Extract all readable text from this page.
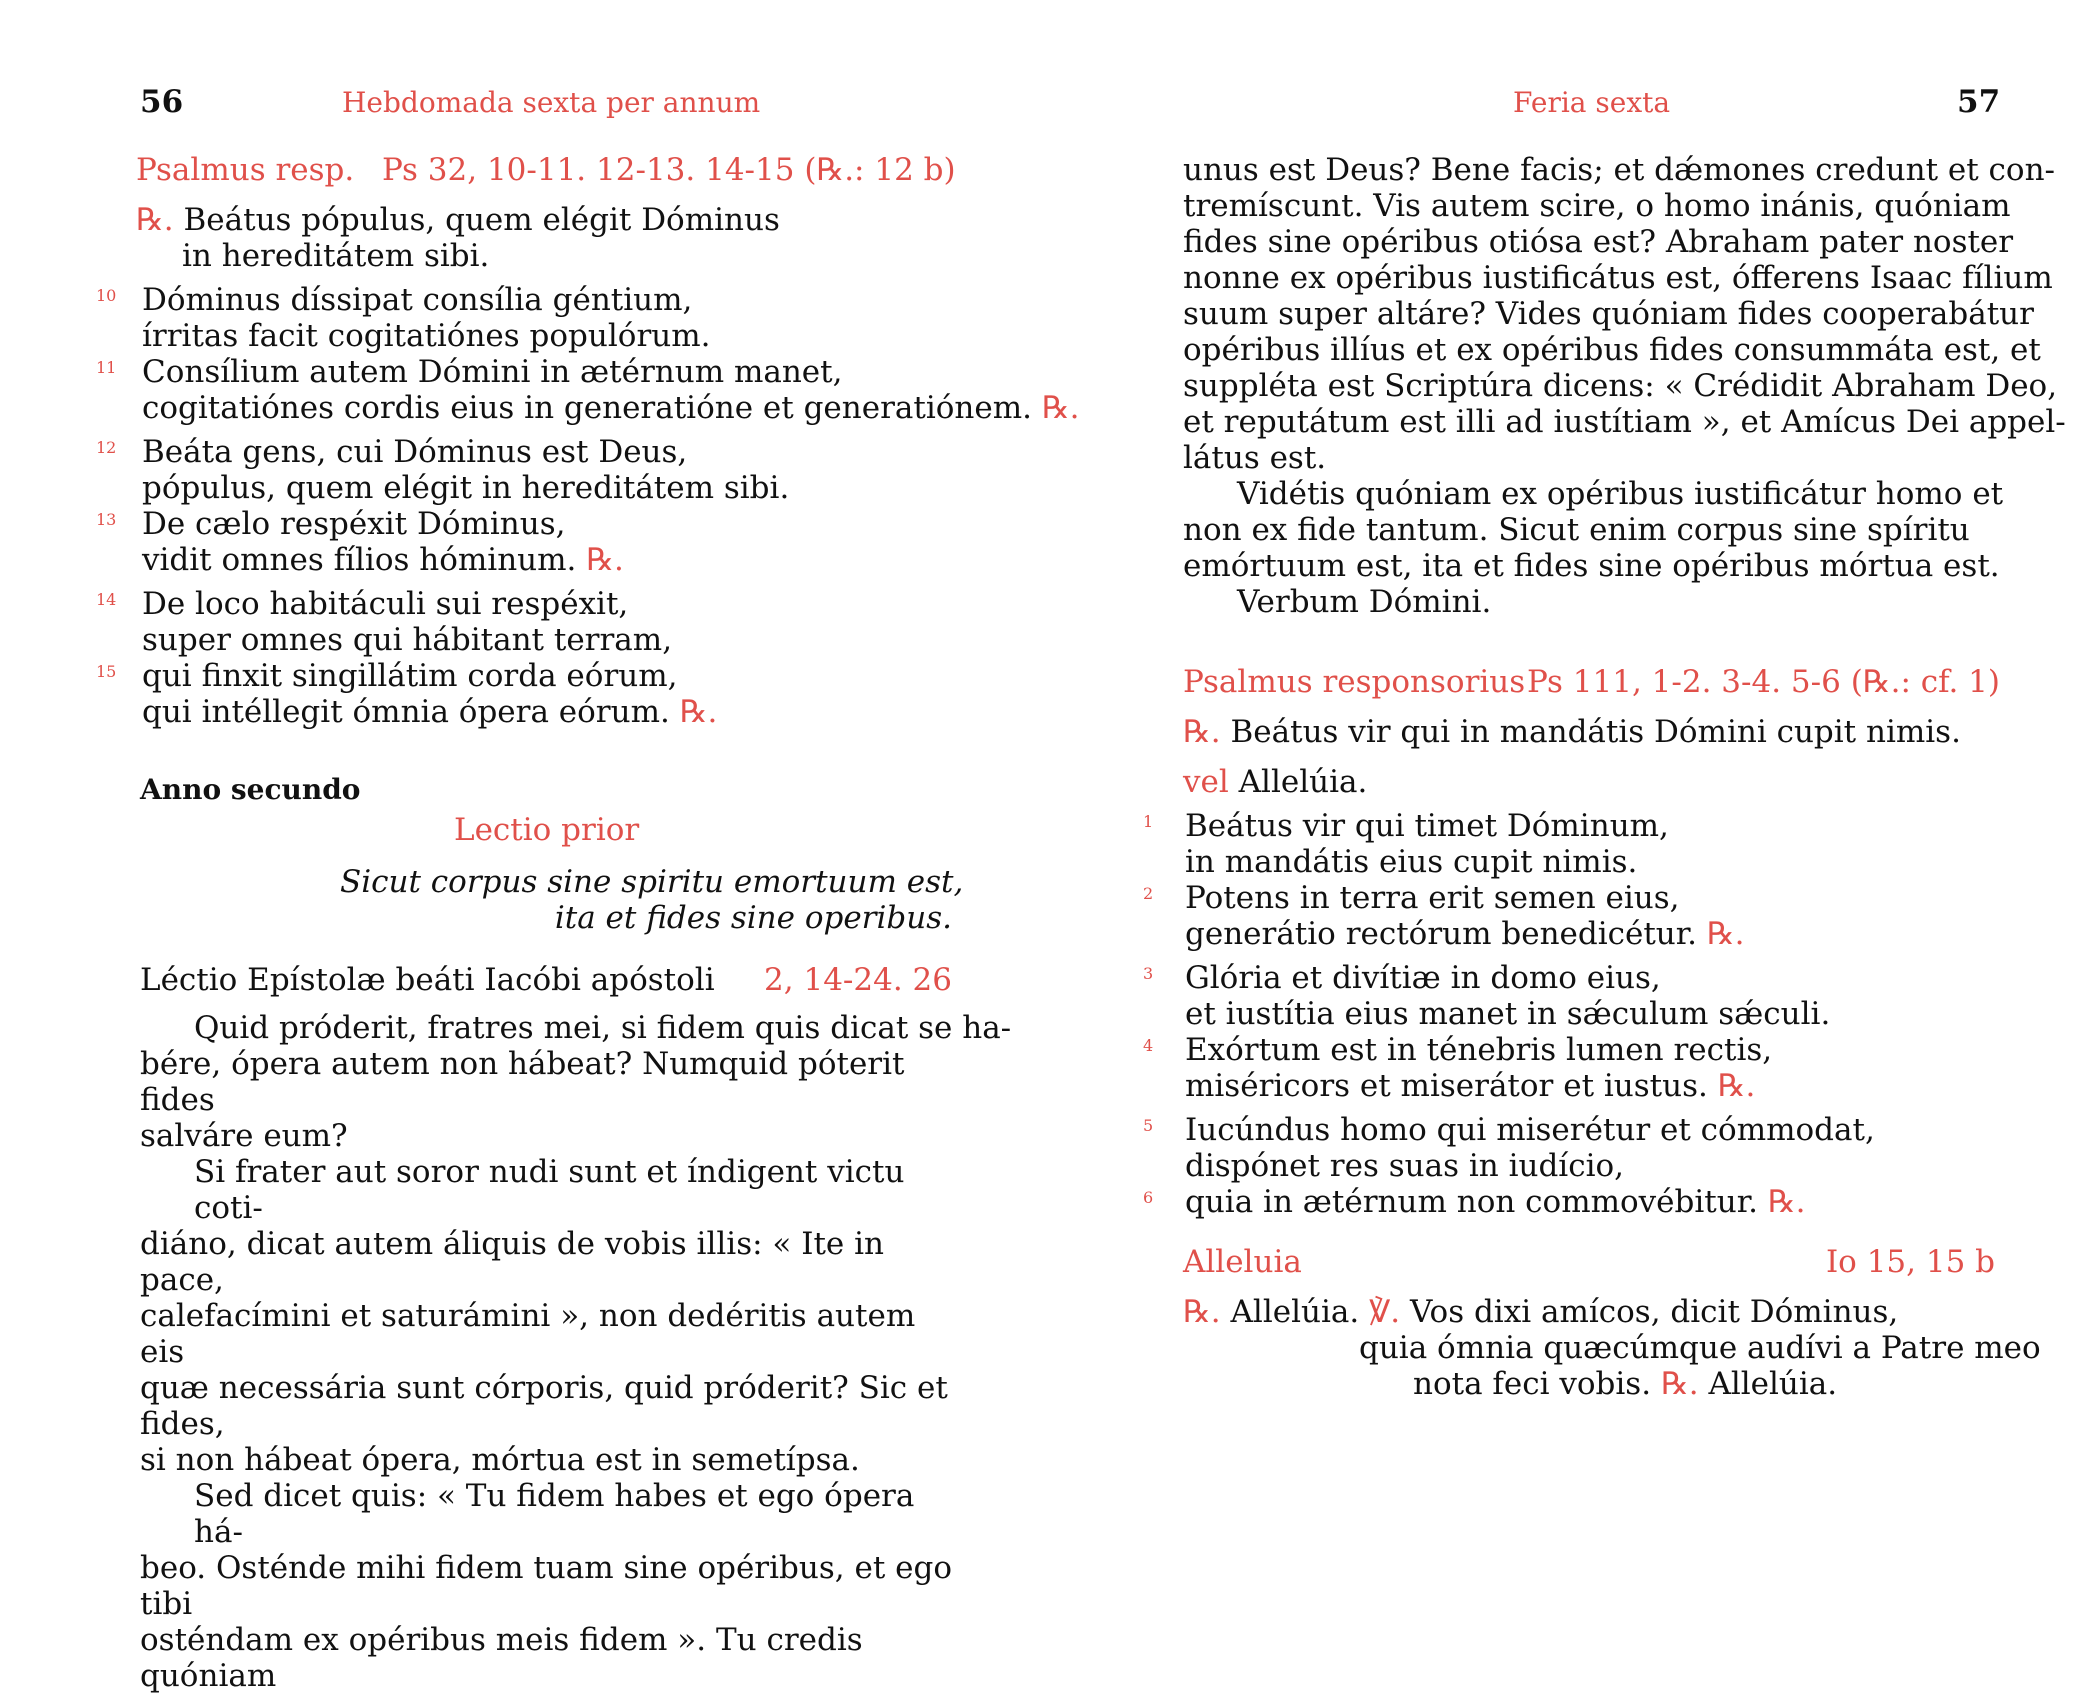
56	Hebdomada sexta per annum
Psalmus resp. Ps 32, 10-11. 12-13. 14-15 (℞.: 12 b)
℞. Beátus pópulus, quem elégit Dóminus
in hereditátem sibi.
10
11
12
13
14
15
Dóminus díssipat consília géntium,
írritas facit cogitatiónes populórum.
Consílium autem Dómini in ætérnum manet,
cogitatiónes cordis eius in generatióne et generatiónem. ℞.
Beáta gens, cui Dóminus est Deus,
pópulus, quem elégit in hereditátem sibi.
De cælo respéxit Dóminus,
vidit omnes fílios hóminum. ℞.
De loco habitáculi sui respéxit,
super omnes qui hábitant terram,
qui finxit singillátim corda eórum,
qui intéllegit ómnia ópera eórum. ℞.
Anno secundo
Lectio prior
Sicut corpus sine spiritu emortuum est,
ita et fides sine operibus.
Léctio Epístolæ beáti Iacóbi apóstoli 2, 14-24. 26
Quid próderit, fratres mei, si fidem quis dicat se ha-
bére, ópera autem non hábeat? Numquid póterit fides
salváre eum?
Si frater aut soror nudi sunt et índigent victu coti-
diáno, dicat autem áliquis de vobis illis: « Ite in pace,
calefacímini et saturámini », non dedéritis autem eis
quæ necessária sunt córporis, quid próderit? Sic et fides,
si non hábeat ópera, mórtua est in semetípsa.
Sed dicet quis: « Tu fidem habes et ego ópera há-
beo. Osténde mihi fidem tuam sine opéribus, et ego tibi
osténdam ex opéribus meis fidem ». Tu credis quóniam
Feria sexta	57
unus est Deus? Bene facis; et dǽmones credunt et con-
tremíscunt. Vis autem scire, o homo inánis, quóniam
fides sine opéribus otiósa est? Abraham pater noster
nonne ex opéribus iustificátus est, ófferens Isaac fílium
suum super altáre? Vides quóniam fides cooperabátur
opéribus illíus et ex opéribus fides consummáta est, et
suppléta est Scriptúra dicens: « Crédidit Abraham Deo,
et reputátum est illi ad iustítiam », et Amícus Dei appel-
látus est.
Vidétis quóniam ex opéribus iustificátur homo et
non ex fide tantum. Sicut enim corpus sine spíritu
emórtuum est, ita et fides sine opéribus mórtua est.
Verbum Dómini.
Psalmus responsorius Ps 111, 1-2. 3-4. 5-6 (℞.: cf. 1)
℞. Beátus vir qui in mandátis Dómini cupit nimis.
vel Allelúia.
1
2
3
4
5
6
Beátus vir qui timet Dóminum,
in mandátis eius cupit nimis.
Potens in terra erit semen eius,
generátio rectórum benedicétur. ℞.
Glória et divítiæ in domo eius,
et iustítia eius manet in sǽculum sǽculi.
Exórtum est in ténebris lumen rectis,
miséricors et miserátor et iustus. ℞.
Iucúndus homo qui miserétur et cómmodat,
dispónet res suas in iudício,
quia in ætérnum non commovébitur. ℞.
Alleluia	Io 15, 15 b
℞. Allelúia. ℣. Vos dixi amícos, dicit Dóminus,
quia ómnia quæcúmque audívi a Patre meo
nota feci vobis. ℞. Allelúia.
